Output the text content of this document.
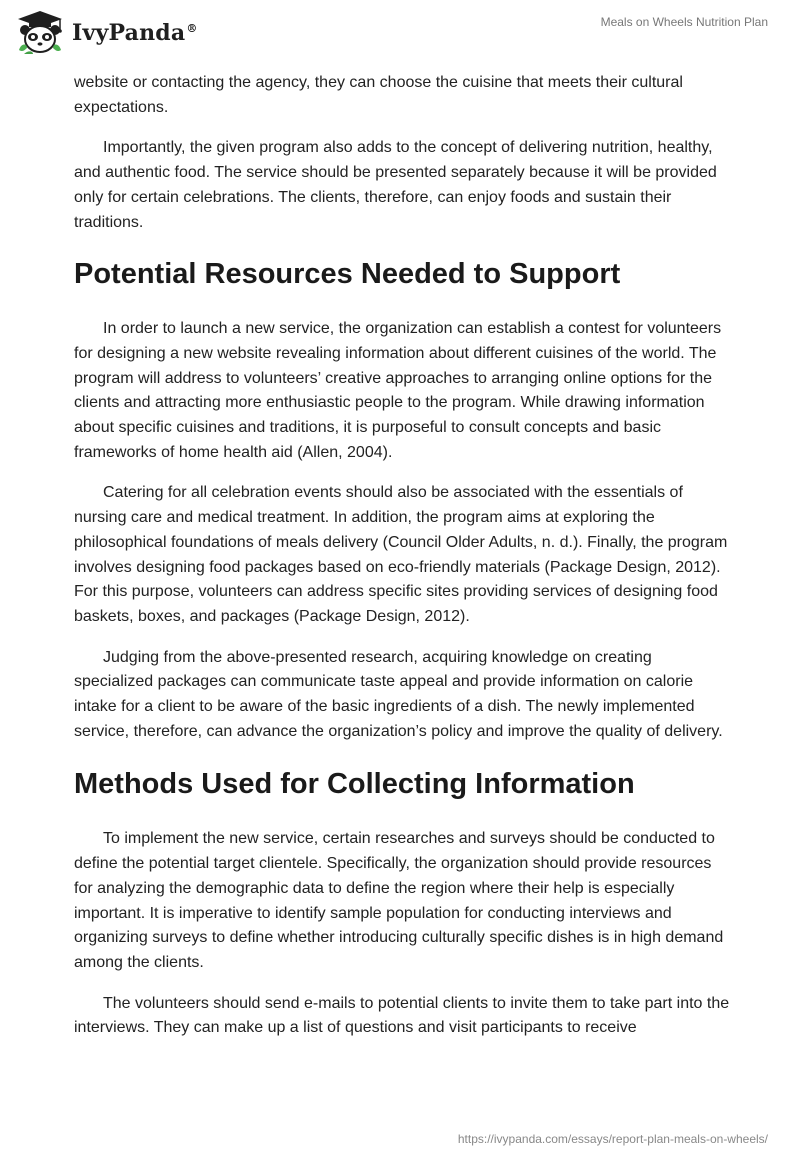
IvyPanda®	Meals on Wheels Nutrition Plan

website or contacting the agency, they can choose the cuisine that meets their cultural expectations.

Importantly, the given program also adds to the concept of delivering nutrition, healthy, and authentic food. The service should be presented separately because it will be provided only for certain celebrations. The clients, therefore, can enjoy foods and sustain their traditions.

Potential Resources Needed to Support

In order to launch a new service, the organization can establish a contest for volunteers for designing a new website revealing information about different cuisines of the world. The program will address to volunteers’ creative approaches to arranging online options for the clients and attracting more enthusiastic people to the program. While drawing information about specific cuisines and traditions, it is purposeful to consult concepts and basic frameworks of home health aid (Allen, 2004).

Catering for all celebration events should also be associated with the essentials of nursing care and medical treatment. In addition, the program aims at exploring the philosophical foundations of meals delivery (Council Older Adults, n. d.). Finally, the program involves designing food packages based on eco-friendly materials (Package Design, 2012). For this purpose, volunteers can address specific sites providing services of designing food baskets, boxes, and packages (Package Design, 2012).

Judging from the above-presented research, acquiring knowledge on creating specialized packages can communicate taste appeal and provide information on calorie intake for a client to be aware of the basic ingredients of a dish. The newly implemented service, therefore, can advance the organization’s policy and improve the quality of delivery.

Methods Used for Collecting Information

To implement the new service, certain researches and surveys should be conducted to define the potential target clientele. Specifically, the organization should provide resources for analyzing the demographic data to define the region where their help is especially important. It is imperative to identify sample population for conducting interviews and organizing surveys to define whether introducing culturally specific dishes is in high demand among the clients.

The volunteers should send e-mails to potential clients to invite them to take part into the interviews. They can make up a list of questions and visit participants to receive

https://ivypanda.com/essays/report-plan-meals-on-wheels/
